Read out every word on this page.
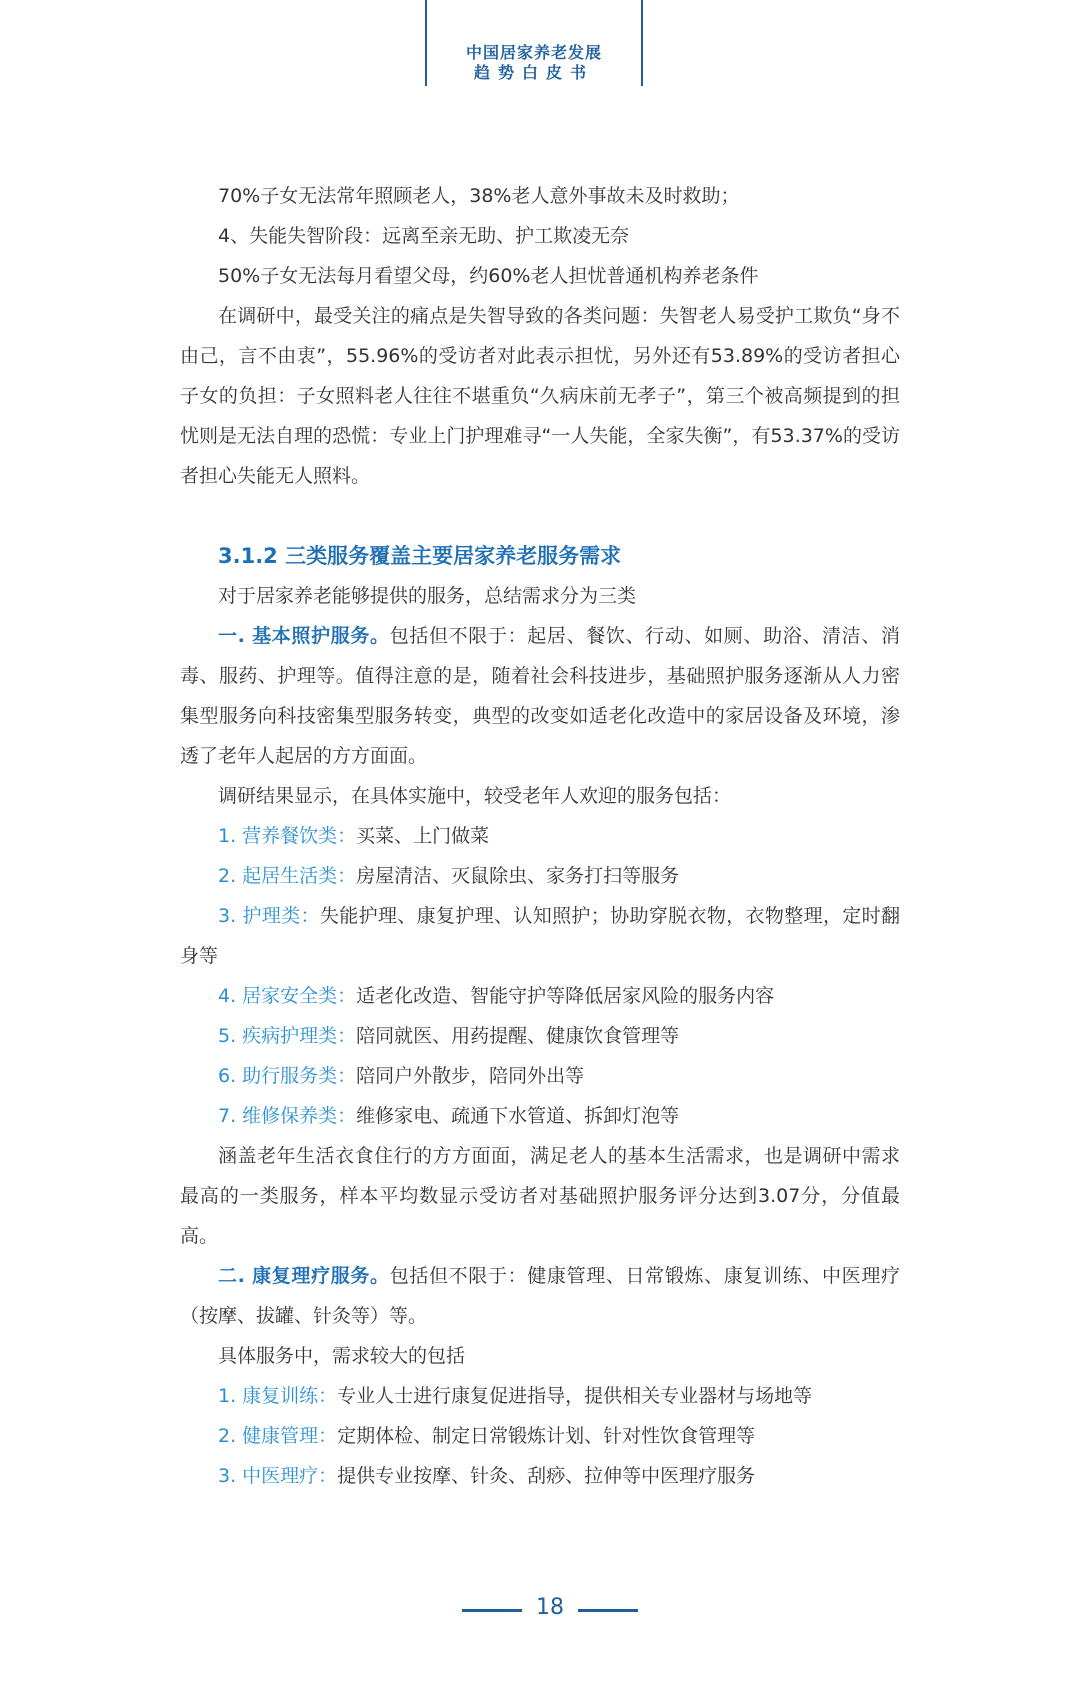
中国居家养老发展
趋势白皮书

70%子女无法常年照顾老人，38%老人意外事故未及时救助；

4、失能失智阶段：远离至亲无助、护工欺凌无奈

50%子女无法每月看望父母，约60%老人担忧普通机构养老条件

在调研中，最受关注的痛点是失智导致的各类问题：失智老人易受护工欺负“身不由己，言不由衷”，55.96%的受访者对此表示担忧，另外还有53.89%的受访者担心子女的负担：子女照料老人往往不堪重负“久病床前无孝子”，第三个被高频提到的担忧则是无法自理的恐慌：专业上门护理难寻“一人失能，全家失衡”，有53.37%的受访者担心失能无人照料。

3.1.2 三类服务覆盖主要居家养老服务需求

对于居家养老能够提供的服务，总结需求分为三类

一. 基本照护服务。包括但不限于：起居、餐饮、行动、如厕、助浴、清洁、消毒、服药、护理等。值得注意的是，随着社会科技进步，基础照护服务逐渐从人力密集型服务向科技密集型服务转变，典型的改变如适老化改造中的家居设备及环境，渗透了老年人起居的方方面面。

调研结果显示，在具体实施中，较受老年人欢迎的服务包括：

1. 营养餐饮类：买菜、上门做菜

2. 起居生活类：房屋清洁、灭鼠除虫、家务打扫等服务

3. 护理类：失能护理、康复护理、认知照护；协助穿脱衣物，衣物整理，定时翻身等

4. 居家安全类：适老化改造、智能守护等降低居家风险的服务内容

5. 疾病护理类：陪同就医、用药提醒、健康饮食管理等

6. 助行服务类：陪同户外散步，陪同外出等

7. 维修保养类：维修家电、疏通下水管道、拆卸灯泡等

涵盖老年生活衣食住行的方方面面，满足老人的基本生活需求，也是调研中需求最高的一类服务，样本平均数显示受访者对基础照护服务评分达到3.07分，分值最高。

二. 康复理疗服务。包括但不限于：健康管理、日常锻炼、康复训练、中医理疗（按摩、拔罐、针灸等）等。

具体服务中，需求较大的包括

1. 康复训练：专业人士进行康复促进指导，提供相关专业器材与场地等

2. 健康管理：定期体检、制定日常锻炼计划、针对性饮食管理等

3. 中医理疗：提供专业按摩、针灸、刮痧、拉伸等中医理疗服务

18
